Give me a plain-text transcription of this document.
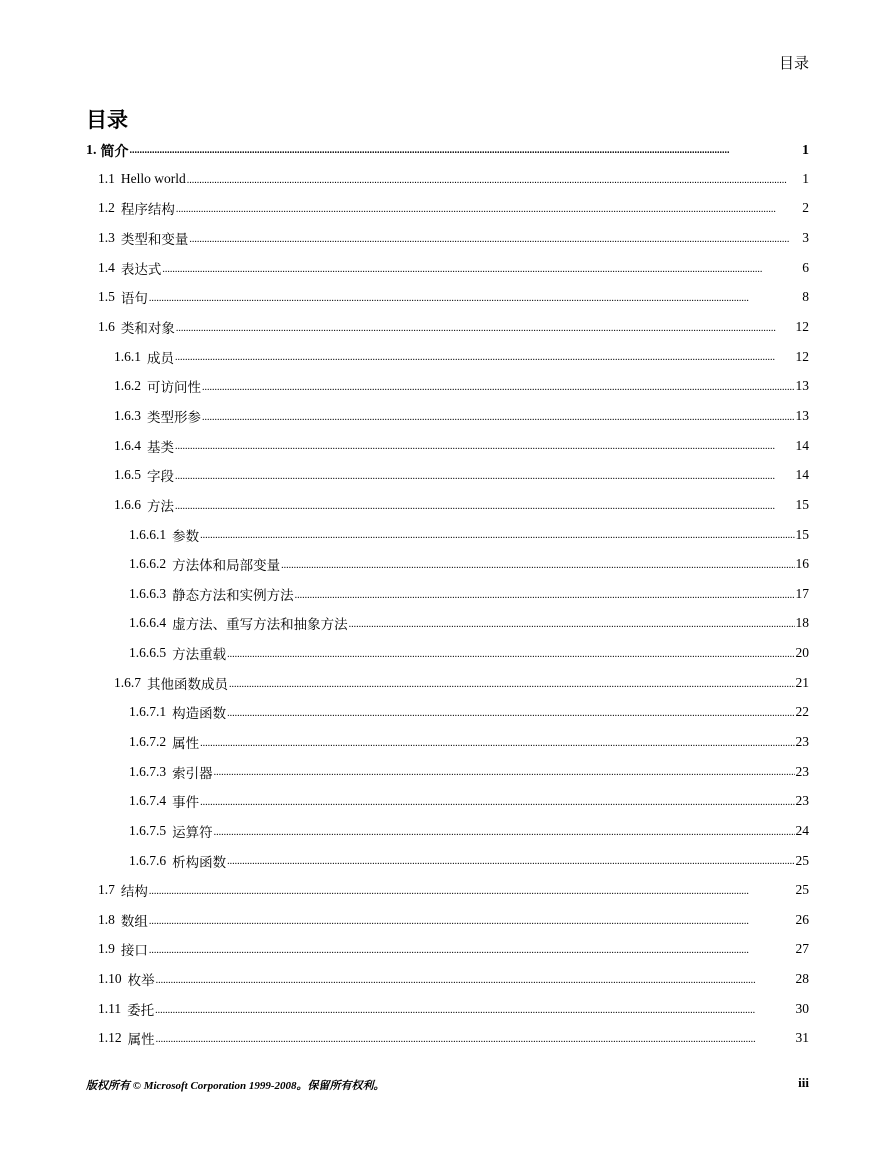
目录
目录
1. 简介 .....	1
1.1 Hello world .....	1
1.2 程序结构 .....	2
1.3 类型和变量 .....	3
1.4 表达式 .....	6
1.5 语句 .....	8
1.6 类和对象 .....	12
1.6.1 成员 .....	12
1.6.2 可访问性 .....	13
1.6.3 类型形参 .....	13
1.6.4 基类 .....	14
1.6.5 字段 .....	14
1.6.6 方法 .....	15
1.6.6.1 参数 .....	15
1.6.6.2 方法体和局部变量 .....	16
1.6.6.3 静态方法和实例方法 .....	17
1.6.6.4 虚方法、重写方法和抽象方法 .....	18
1.6.6.5 方法重载 .....	20
1.6.7 其他函数成员 .....	21
1.6.7.1 构造函数 .....	22
1.6.7.2 属性 .....	23
1.6.7.3 索引器 .....	23
1.6.7.4 事件 .....	23
1.6.7.5 运算符 .....	24
1.6.7.6 析构函数 .....	25
1.7 结构 .....	25
1.8 数组 .....	26
1.9 接口 .....	27
1.10 枚举 .....	28
1.11 委托 .....	30
1.12 属性 .....	31
版权所有 © Microsoft Corporation 1999-2008。保留所有权利。	iii
